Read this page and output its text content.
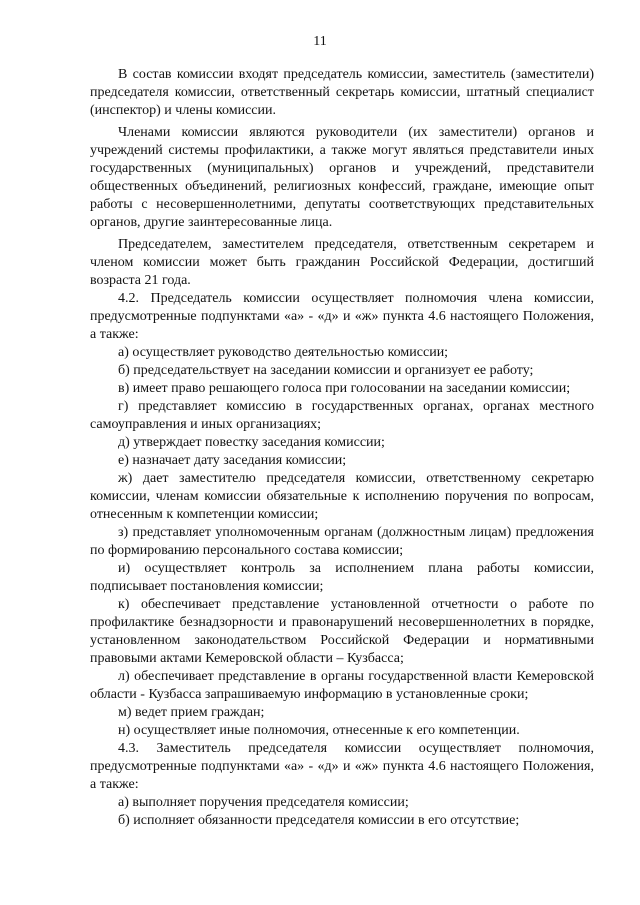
11

В состав комиссии входят председатель комиссии, заместитель (заместители) председателя комиссии, ответственный секретарь комиссии, штатный специалист (инспектор) и члены комиссии.

Членами комиссии являются руководители (их заместители) органов и учреждений системы профилактики, а также могут являться представители иных государственных (муниципальных) органов и учреждений, представители общественных объединений, религиозных конфессий, граждане, имеющие опыт работы с несовершеннолетними, депутаты соответствующих представительных органов, другие заинтересованные лица.

Председателем, заместителем председателя, ответственным секретарем и членом комиссии может быть гражданин Российской Федерации, достигший возраста 21 года.

4.2. Председатель комиссии осуществляет полномочия члена комиссии, предусмотренные подпунктами «а» - «д» и «ж» пункта 4.6 настоящего Положения, а также:

а) осуществляет руководство деятельностью комиссии;

б) председательствует на заседании комиссии и организует ее работу;

в) имеет право решающего голоса при голосовании на заседании комиссии;

г) представляет комиссию в государственных органах, органах местного самоуправления и иных организациях;

д) утверждает повестку заседания комиссии;

е) назначает дату заседания комиссии;

ж) дает заместителю председателя комиссии, ответственному секретарю комиссии, членам комиссии обязательные к исполнению поручения по вопросам, отнесенным к компетенции комиссии;

з) представляет уполномоченным органам (должностным лицам) предложения по формированию персонального состава комиссии;

и) осуществляет контроль за исполнением плана работы комиссии, подписывает постановления комиссии;

к) обеспечивает представление установленной отчетности о работе по профилактике безнадзорности и правонарушений несовершеннолетних в порядке, установленном законодательством Российской Федерации и нормативными правовыми актами Кемеровской области – Кузбасса;

л) обеспечивает представление в органы государственной власти Кемеровской области - Кузбасса запрашиваемую информацию в установленные сроки;

м) ведет прием граждан;

н) осуществляет иные полномочия, отнесенные к его компетенции.

4.3. Заместитель председателя комиссии осуществляет полномочия, предусмотренные подпунктами «а» - «д» и «ж» пункта 4.6 настоящего Положения, а также:

а) выполняет поручения председателя комиссии;

б) исполняет обязанности председателя комиссии в его отсутствие;
